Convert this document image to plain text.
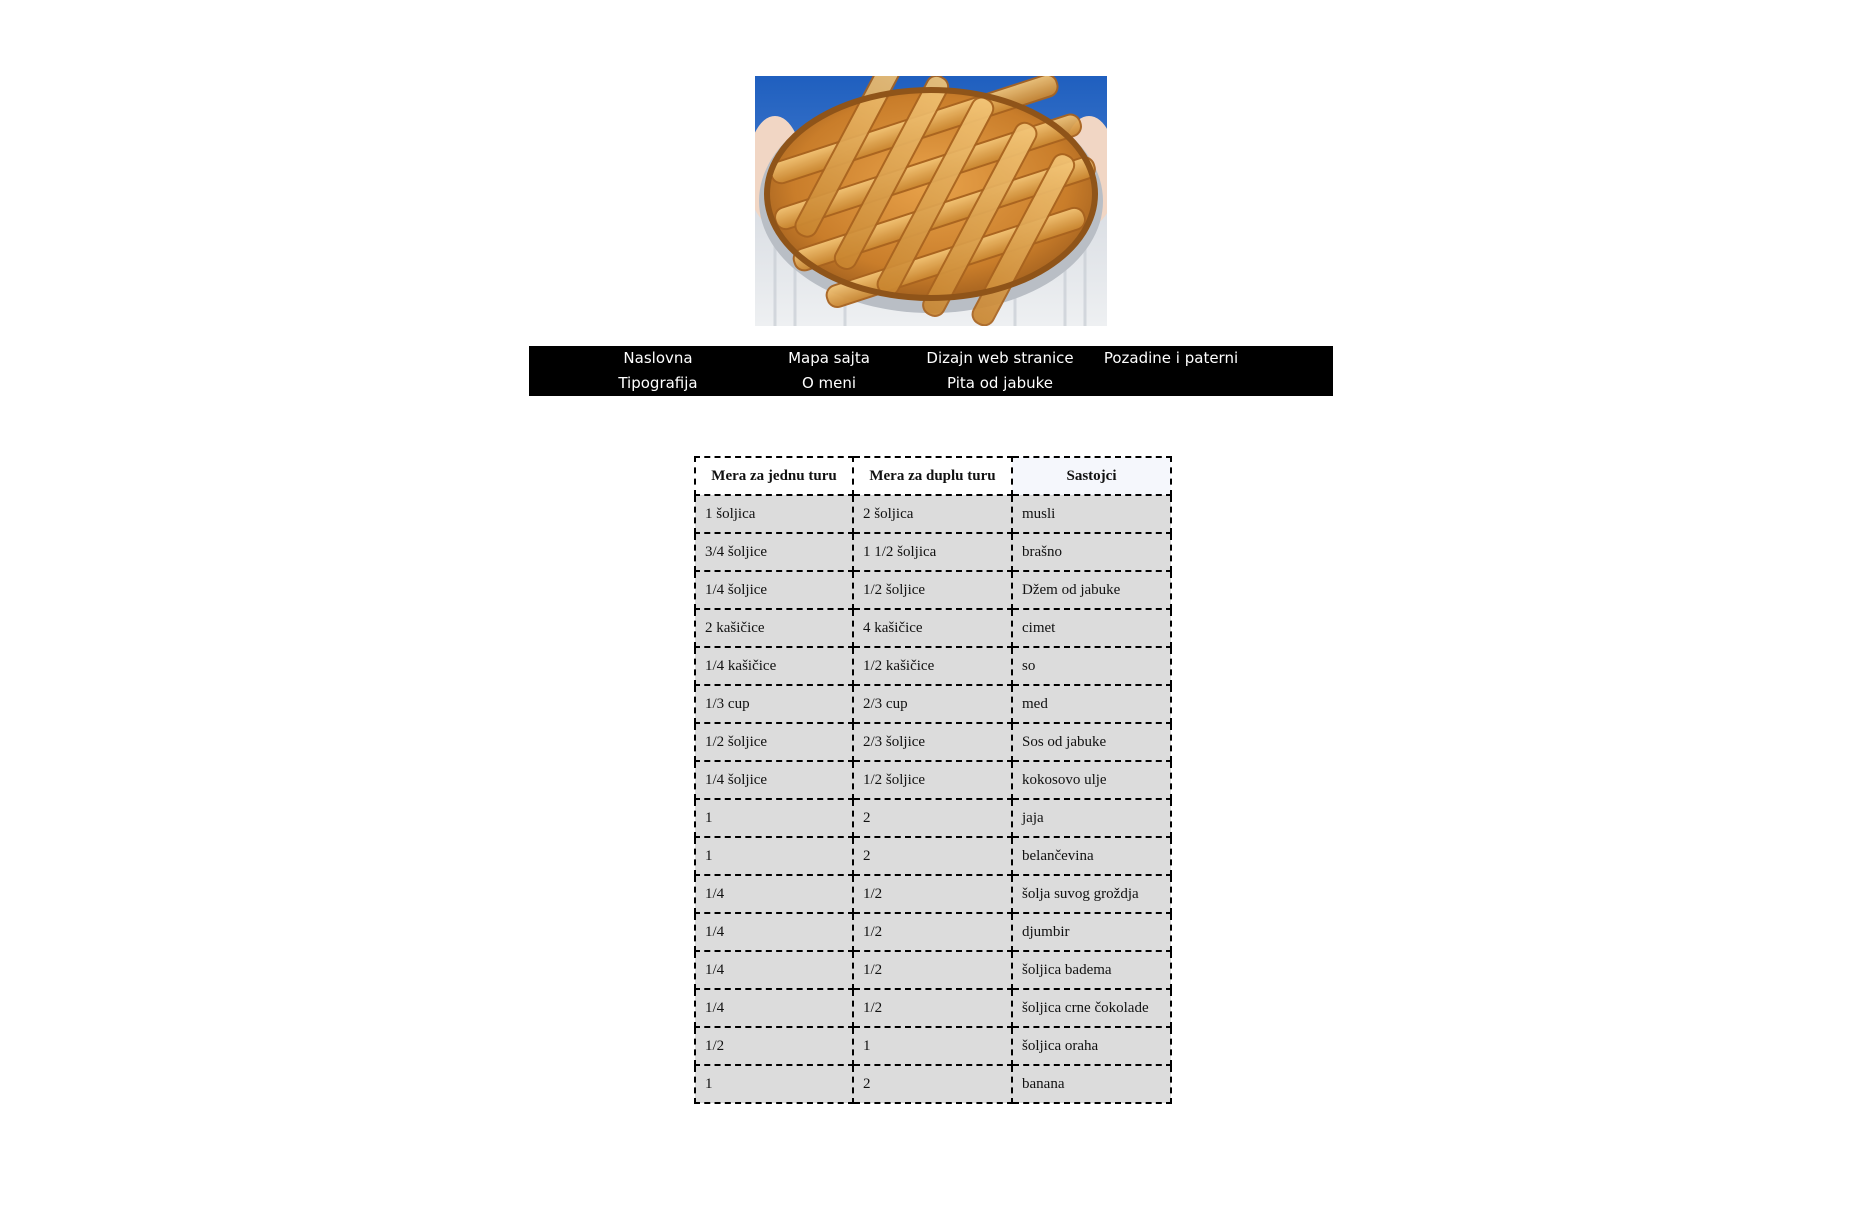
Naslovna	Mapa sajta	Dizajn web stranice	Pozadine i paterni
Tipografija	O meni	Pita od jabuke
Mera za jednu turu	Mera za duplu turu	Sastojci
1 šoljica	2 šoljica	musli
3/4 šoljice	1 1/2 šoljica	brašno
1/4 šoljice	1/2 šoljice	Džem od jabuke
2 kašičice	4 kašičice	cimet
1/4 kašičice	1/2 kašičice	so
1/3 cup	2/3 cup	med
1/2 šoljice	2/3 šoljice	Sos od jabuke
1/4 šoljice	1/2 šoljice	kokosovo ulje
1	2	jaja
1	2	belančevina
1/4	1/2	šolja suvog groždja
1/4	1/2	djumbir
1/4	1/2	šoljica badema
1/4	1/2	šoljica crne čokolade
1/2	1	šoljica oraha
1	2	banana
